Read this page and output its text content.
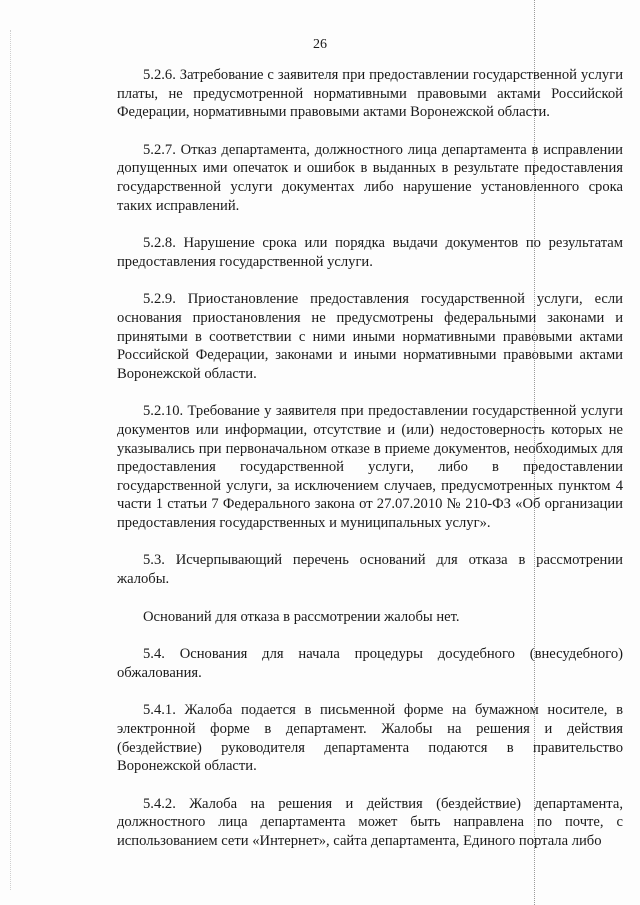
26

5.2.6. Затребование с заявителя при предоставлении государственной услуги платы, не предусмотренной нормативными правовыми актами Российской Федерации, нормативными правовыми актами Воронежской области.

5.2.7. Отказ департамента, должностного лица департамента в исправлении допущенных ими опечаток и ошибок в выданных в результате предоставления государственной услуги документах либо нарушение установленного срока таких исправлений.

5.2.8. Нарушение срока или порядка выдачи документов по результатам предоставления государственной услуги.

5.2.9. Приостановление предоставления государственной услуги, если основания приостановления не предусмотрены федеральными законами и принятыми в соответствии с ними иными нормативными правовыми актами Российской Федерации, законами и иными нормативными правовыми актами Воронежской области.

5.2.10. Требование у заявителя при предоставлении государственной услуги документов или информации, отсутствие и (или) недостоверность которых не указывались при первоначальном отказе в приеме документов, необходимых для предоставления государственной услуги, либо в предоставлении государственной услуги, за исключением случаев, предусмотренных пунктом 4 части 1 статьи 7 Федерального закона от 27.07.2010 № 210-ФЗ «Об организации предоставления государственных и муниципальных услуг».

5.3. Исчерпывающий перечень оснований для отказа в рассмотрении жалобы.

Оснований для отказа в рассмотрении жалобы нет.

5.4. Основания для начала процедуры досудебного (внесудебного) обжалования.

5.4.1. Жалоба подается в письменной форме на бумажном носителе, в электронной форме в департамент. Жалобы на решения и действия (бездействие) руководителя департамента подаются в правительство Воронежской области.

5.4.2. Жалоба на решения и действия (бездействие) департамента, должностного лица департамента может быть направлена по почте, с использованием сети «Интернет», сайта департамента, Единого портала либо
